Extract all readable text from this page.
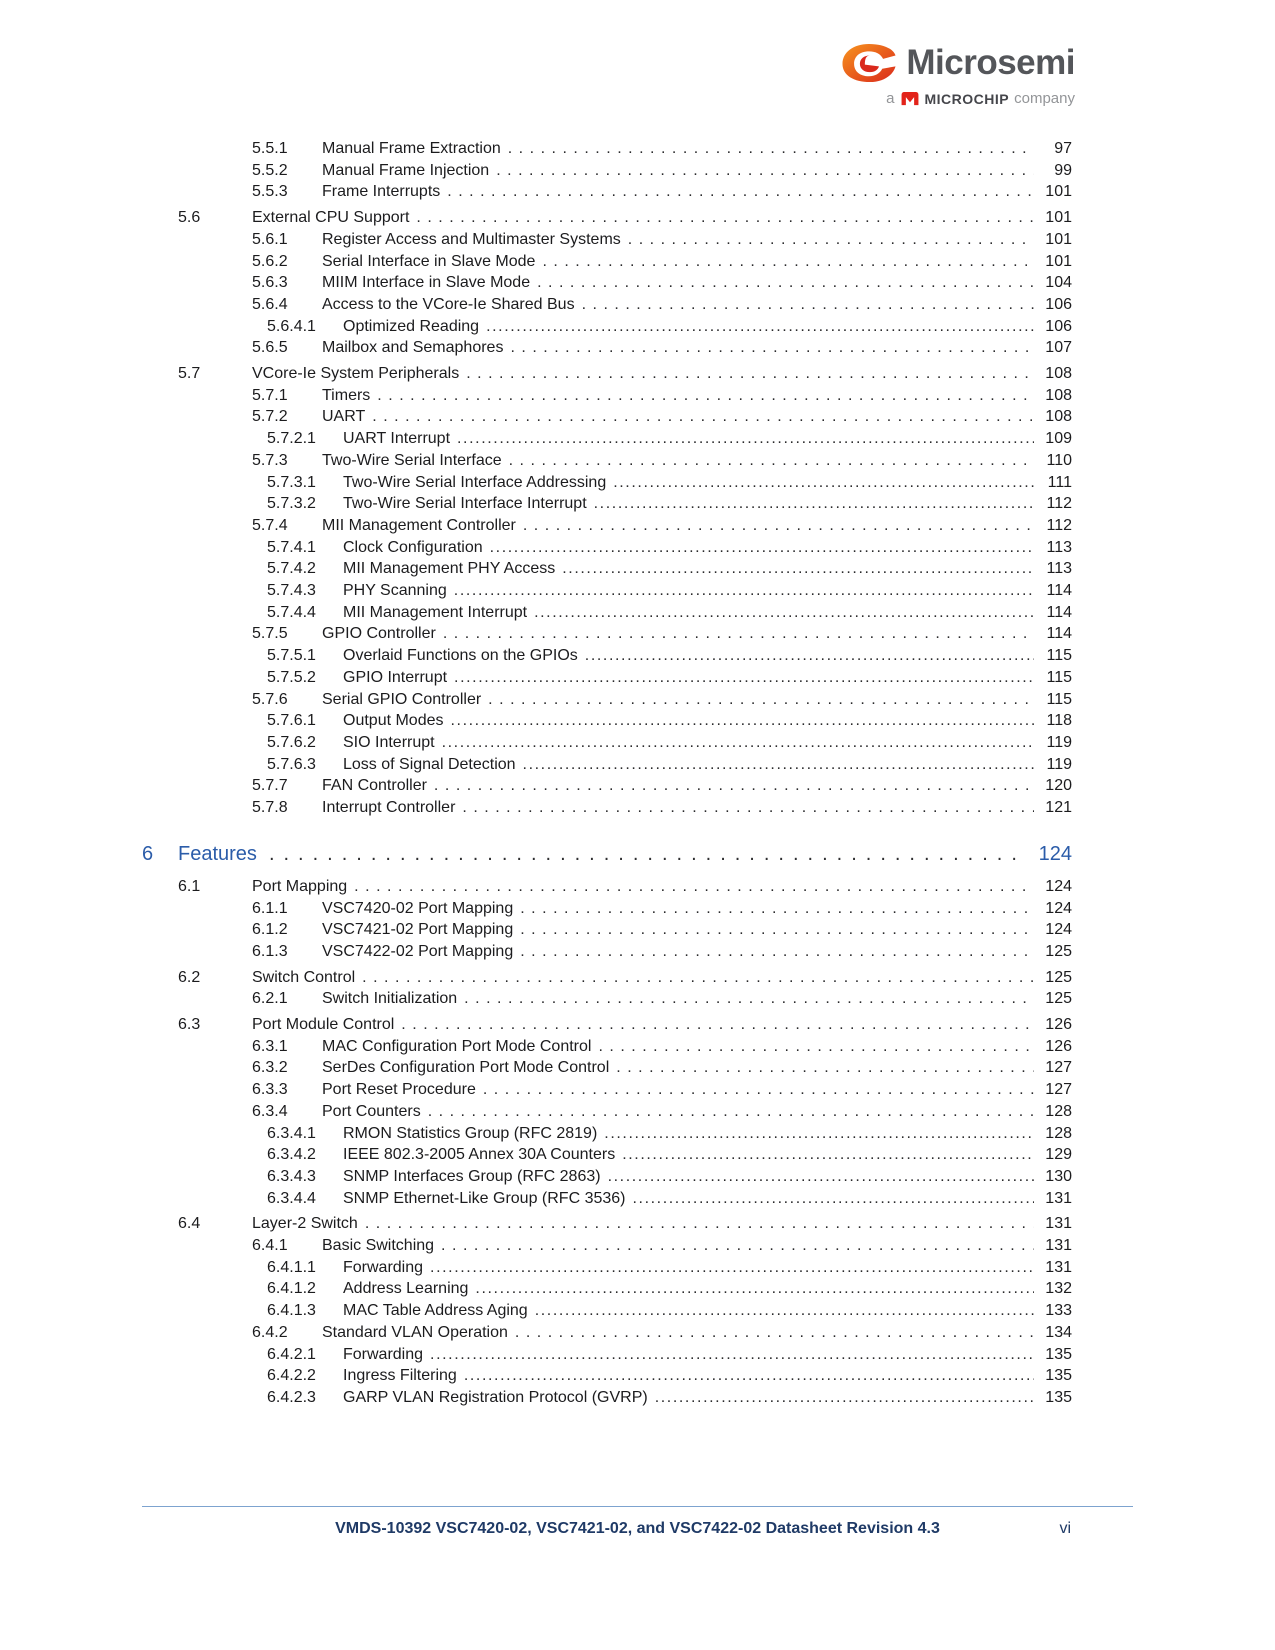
Microsemi
a MICROCHIP company
5.5.1	Manual Frame Extraction .....	97
5.5.2	Manual Frame Injection .....	99
5.5.3	Frame Interrupts .....	101
5.6	External CPU Support .....	101
5.6.1	Register Access and Multimaster Systems .....	101
5.6.2	Serial Interface in Slave Mode .....	101
5.6.3	MIIM Interface in Slave Mode .....	104
5.6.4	Access to the VCore-Ie Shared Bus .....	106
5.6.4.1	Optimized Reading .....	106
5.6.5	Mailbox and Semaphores .....	107
5.7	VCore-Ie System Peripherals .....	108
5.7.1	Timers .....	108
5.7.2	UART .....	108
5.7.2.1	UART Interrupt .....	109
5.7.3	Two-Wire Serial Interface .....	110
5.7.3.1	Two-Wire Serial Interface Addressing .....	111
5.7.3.2	Two-Wire Serial Interface Interrupt .....	112
5.7.4	MII Management Controller .....	112
5.7.4.1	Clock Configuration .....	113
5.7.4.2	MII Management PHY Access .....	113
5.7.4.3	PHY Scanning .....	114
5.7.4.4	MII Management Interrupt .....	114
5.7.5	GPIO Controller .....	114
5.7.5.1	Overlaid Functions on the GPIOs .....	115
5.7.5.2	GPIO Interrupt .....	115
5.7.6	Serial GPIO Controller .....	115
5.7.6.1	Output Modes .....	118
5.7.6.2	SIO Interrupt .....	119
5.7.6.3	Loss of Signal Detection .....	119
5.7.7	FAN Controller .....	120
5.7.8	Interrupt Controller .....	121
6	Features .....	124
6.1	Port Mapping .....	124
6.1.1	VSC7420-02 Port Mapping .....	124
6.1.2	VSC7421-02 Port Mapping .....	124
6.1.3	VSC7422-02 Port Mapping .....	125
6.2	Switch Control .....	125
6.2.1	Switch Initialization .....	125
6.3	Port Module Control .....	126
6.3.1	MAC Configuration Port Mode Control .....	126
6.3.2	SerDes Configuration Port Mode Control .....	127
6.3.3	Port Reset Procedure .....	127
6.3.4	Port Counters .....	128
6.3.4.1	RMON Statistics Group (RFC 2819) .....	128
6.3.4.2	IEEE 802.3-2005 Annex 30A Counters .....	129
6.3.4.3	SNMP Interfaces Group (RFC 2863) .....	130
6.3.4.4	SNMP Ethernet-Like Group (RFC 3536) .....	131
6.4	Layer-2 Switch .....	131
6.4.1	Basic Switching .....	131
6.4.1.1	Forwarding .....	131
6.4.1.2	Address Learning .....	132
6.4.1.3	MAC Table Address Aging .....	133
6.4.2	Standard VLAN Operation .....	134
6.4.2.1	Forwarding .....	135
6.4.2.2	Ingress Filtering .....	135
6.4.2.3	GARP VLAN Registration Protocol (GVRP) .....	135
VMDS-10392 VSC7420-02, VSC7421-02, and VSC7422-02 Datasheet Revision 4.3	vi
